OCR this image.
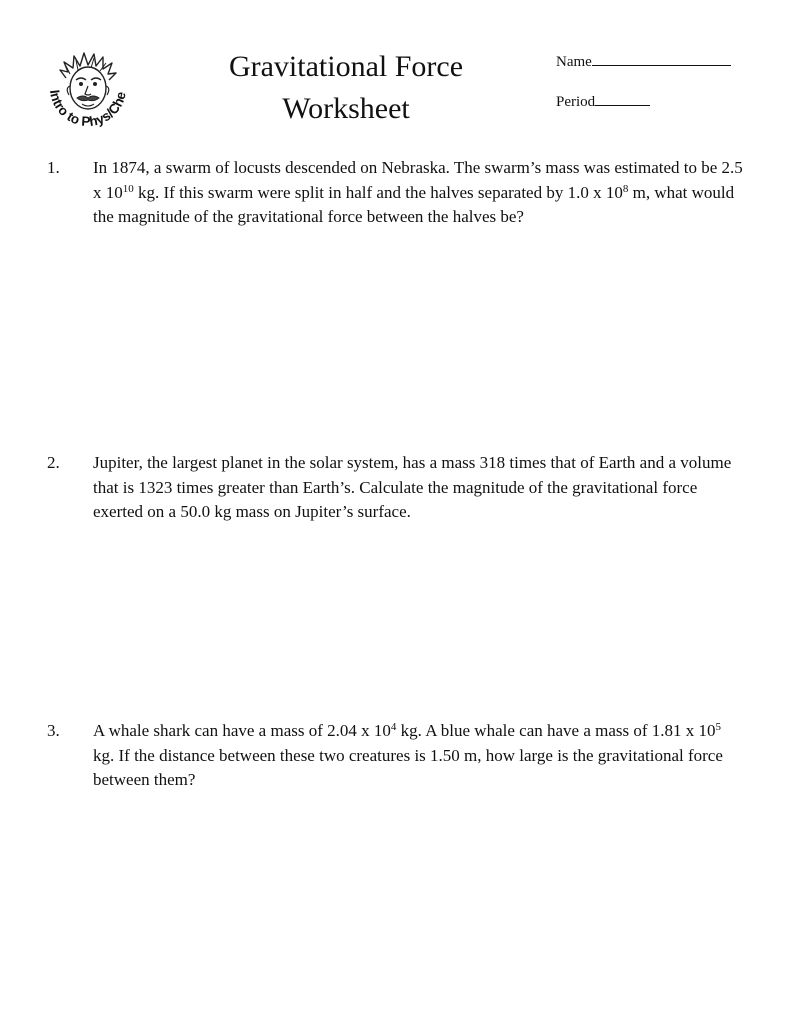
Intro to Phys/Che
Gravitational Force
Worksheet
Name
Period
1. In 1874, a swarm of locusts descended on Nebraska. The swarm’s mass was estimated to be 2.5 x $10^{10}$ kg. If this swarm were split in half and the halves separated by 1.0 x $10^8$ m, what would the magnitude of the gravitational force between the halves be?
2. Jupiter, the largest planet in the solar system, has a mass 318 times that of Earth and a volume that is 1323 times greater than Earth’s. Calculate the magnitude of the gravitational force exerted on a 50.0 kg mass on Jupiter’s surface.
3. A whale shark can have a mass of 2.04 x $10^4$ kg. A blue whale can have a mass of 1.81 x $10^5$ kg. If the distance between these two creatures is 1.50 m, how large is the gravitational force between them?
